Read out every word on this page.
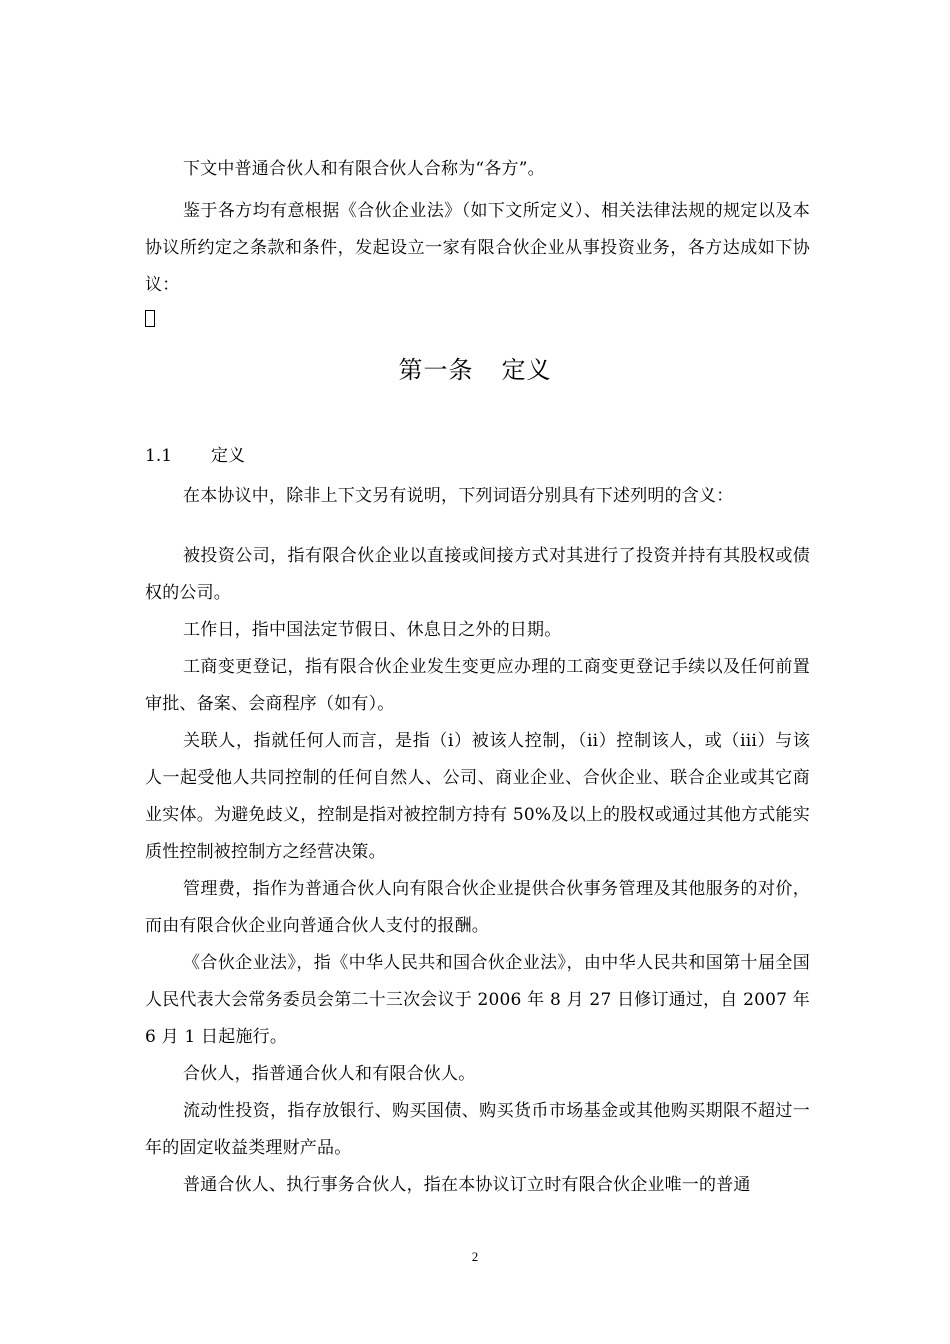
下文中普通合伙人和有限合伙人合称为“各方”。
鉴于各方均有意根据《合伙企业法》（如下文所定义）、相关法律法规的规定以及本协议所约定之条款和条件，发起设立一家有限合伙企业从事投资业务，各方达成如下协议：
第一条 定义
1.1 定义
在本协议中，除非上下文另有说明，下列词语分别具有下述列明的含义：
被投资公司，指有限合伙企业以直接或间接方式对其进行了投资并持有其股权或债权的公司。
工作日，指中国法定节假日、休息日之外的日期。
工商变更登记，指有限合伙企业发生变更应办理的工商变更登记手续以及任何前置审批、备案、会商程序（如有）。
关联人，指就任何人而言，是指（i）被该人控制，（ii）控制该人，或（iii）与该人一起受他人共同控制的任何自然人、公司、商业企业、合伙企业、联合企业或其它商业实体。为避免歧义，控制是指对被控制方持有 50%及以上的股权或通过其他方式能实质性控制被控制方之经营决策。
管理费，指作为普通合伙人向有限合伙企业提供合伙事务管理及其他服务的对价，而由有限合伙企业向普通合伙人支付的报酬。
《合伙企业法》，指《中华人民共和国合伙企业法》，由中华人民共和国第十届全国人民代表大会常务委员会第二十三次会议于 2006 年 8 月 27 日修订通过，自 2007 年 6 月 1 日起施行。
合伙人，指普通合伙人和有限合伙人。
流动性投资，指存放银行、购买国债、购买货币市场基金或其他购买期限不超过一年的固定收益类理财产品。
普通合伙人、执行事务合伙人，指在本协议订立时有限合伙企业唯一的普通
2
